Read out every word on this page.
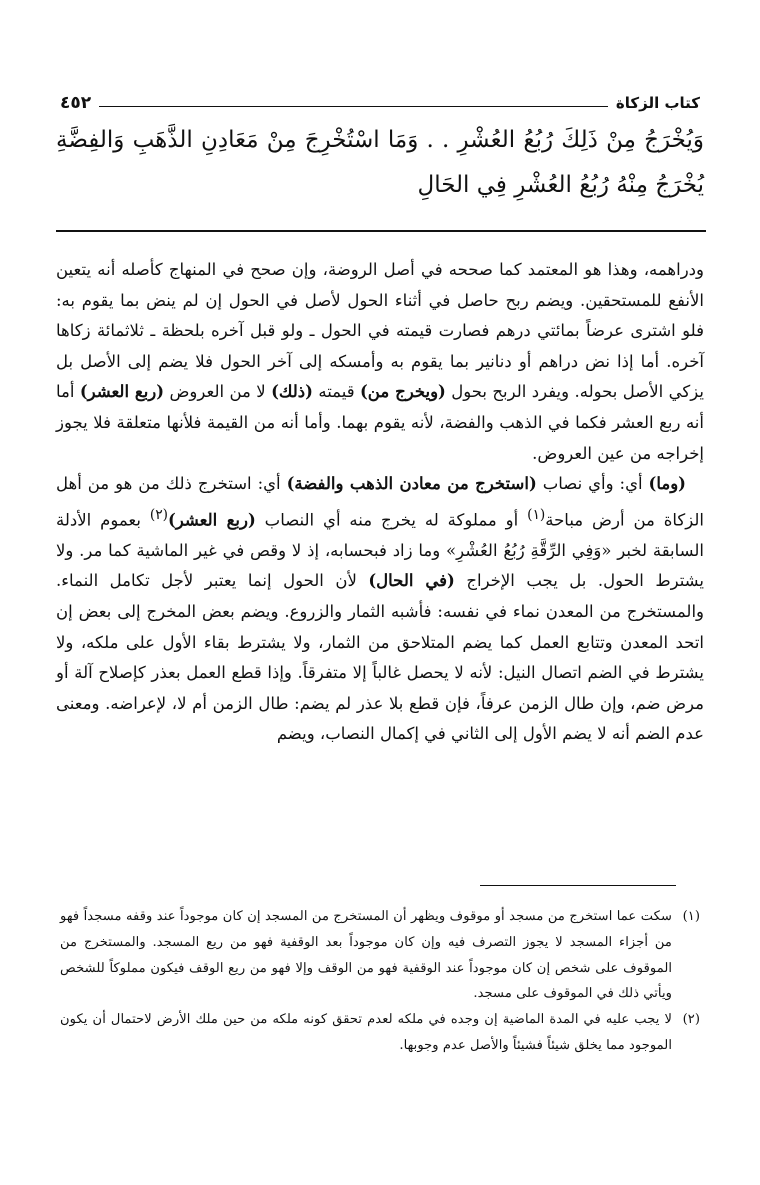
كتاب الزكاة
٤٥٢
وَيُخْرَجُ مِنْ ذَلِكَ رُبُعُ العُشْرِ . . وَمَا اسْتُخْرِجَ مِنْ مَعَادِنِ الذَّهَبِ وَالفِضَّةِ يُخْرَجُ مِنْهُ رُبُعُ العُشْرِ فِي الحَالِ

ودراهمه، وهذا هو المعتمد كما صححه في أصل الروضة، وإن صحح في المنهاج كأصله أنه يتعين الأنفع للمستحقين. ويضم ربح حاصل في أثناء الحول لأصل في الحول إن لم ينض بما يقوم به: فلو اشترى عرضاً بمائتي درهم فصارت قيمته في الحول ـ ولو قبل آخره بلحظة ـ ثلاثمائة زكاها آخره. أما إذا نض دراهم أو دنانير بما يقوم به وأمسكه إلى آخر الحول فلا يضم إلى الأصل بل يزكي الأصل بحوله. ويفرد الربح بحول (ويخرج من) قيمته (ذلك) لا من العروض (ربع العشر) أما أنه ربع العشر فكما في الذهب والفضة، لأنه يقوم بهما. وأما أنه من القيمة فلأنها متعلقة فلا يجوز إخراجه من عين العروض.

(وما) أي: وأي نصاب (استخرج من معادن الذهب والفضة) أي: استخرج ذلك من هو من أهل الزكاة من أرض مباحة$^{(١)}$ أو مملوكة له يخرج منه أي النصاب (ربع العشر)$^{(٢)}$ بعموم الأدلة السابقة لخبر «وَفِي الرِّقَّةِ رُبُعُ العُشْرِ» وما زاد فبحسابه، إذ لا وقص في غير الماشية كما مر. ولا يشترط الحول. بل يجب الإخراج (في الحال) لأن الحول إنما يعتبر لأجل تكامل النماء. والمستخرج من المعدن نماء في نفسه: فأشبه الثمار والزروع. ويضم بعض المخرج إلى بعض إن اتحد المعدن وتتابع العمل كما يضم المتلاحق من الثمار، ولا يشترط بقاء الأول على ملكه، ولا يشترط في الضم اتصال النيل: لأنه لا يحصل غالباً إلا متفرقاً. وإذا قطع العمل بعذر كإصلاح آلة أو مرض ضم، وإن طال الزمن عرفاً، فإن قطع بلا عذر لم يضم: طال الزمن أم لا، لإعراضه. ومعنى عدم الضم أنه لا يضم الأول إلى الثاني في إكمال النصاب، ويضم

(١)
سكت عما استخرج من مسجد أو موقوف ويظهر أن المستخرج من المسجد إن كان موجوداً عند وقفه مسجداً فهو من أجزاء المسجد لا يجوز التصرف فيه وإن كان موجوداً بعد الوقفية فهو من ريع المسجد. والمستخرج من الموقوف على شخص إن كان موجوداً عند الوقفية فهو من الوقف وإلا فهو من ريع الوقف فيكون مملوكاً للشخص ويأتي ذلك في الموقوف على مسجد.
(٢)
لا يجب عليه في المدة الماضية إن وجده في ملكه لعدم تحقق كونه ملكه من حين ملك الأرض لاحتمال أن يكون الموجود مما يخلق شيئاً فشيئاً والأصل عدم وجوبها.
